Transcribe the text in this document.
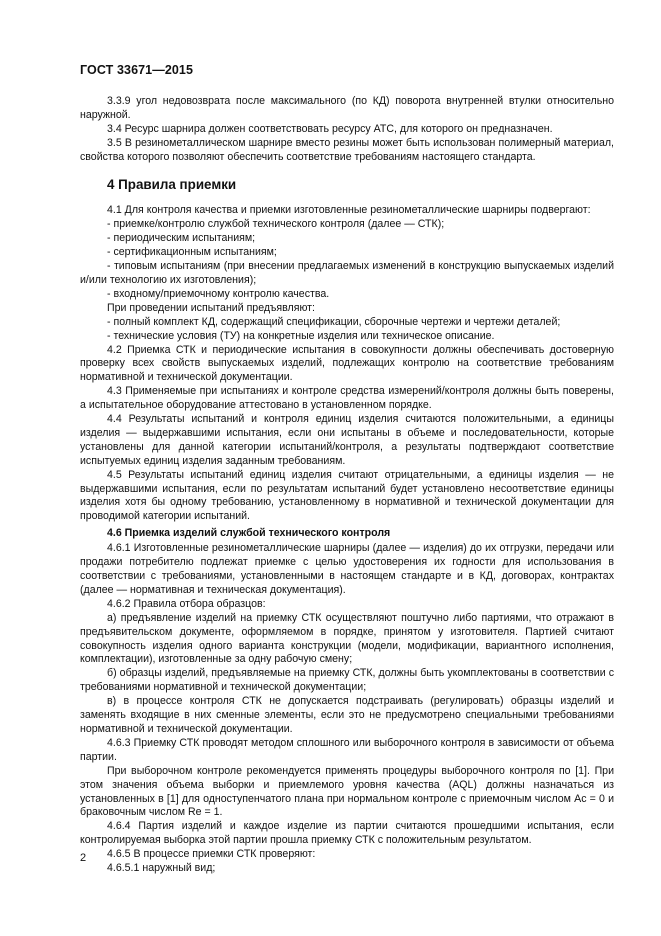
ГОСТ 33671—2015

3.3.9 угол недовозврата после максимального (по КД) поворота внутренней втулки относительно наружной.

3.4 Ресурс шарнира должен соответствовать ресурсу АТС, для которого он предназначен.

3.5 В резинометаллическом шарнире вместо резины может быть использован полимерный материал, свойства которого позволяют обеспечить соответствие требованиям настоящего стандарта.

4 Правила приемки

4.1 Для контроля качества и приемки изготовленные резинометаллические шарниры подвергают:

- приемке/контролю службой технического контроля (далее — СТК);

- периодическим испытаниям;

- сертификационным испытаниям;

- типовым испытаниям (при внесении предлагаемых изменений в конструкцию выпускаемых изделий и/или технологию их изготовления);

- входному/приемочному контролю качества.

При проведении испытаний предъявляют:

- полный комплект КД, содержащий спецификации, сборочные чертежи и чертежи деталей;

- технические условия (ТУ) на конкретные изделия или техническое описание.

4.2 Приемка СТК и периодические испытания в совокупности должны обеспечивать достоверную проверку всех свойств выпускаемых изделий, подлежащих контролю на соответствие требованиям нормативной и технической документации.

4.3 Применяемые при испытаниях и контроле средства измерений/контроля должны быть поверены, а испытательное оборудование аттестовано в установленном порядке.

4.4 Результаты испытаний и контроля единиц изделия считаются положительными, а единицы изделия — выдержавшими испытания, если они испытаны в объеме и последовательности, которые установлены для данной категории испытаний/контроля, а результаты подтверждают соответствие испытуемых единиц изделия заданным требованиям.

4.5 Результаты испытаний единиц изделия считают отрицательными, а единицы изделия — не выдержавшими испытания, если по результатам испытаний будет установлено несоответствие единицы изделия хотя бы одному требованию, установленному в нормативной и технической документации для проводимой категории испытаний.

4.6 Приемка изделий службой технического контроля

4.6.1 Изготовленные резинометаллические шарниры (далее — изделия) до их отгрузки, передачи или продажи потребителю подлежат приемке с целью удостоверения их годности для использования в соответствии с требованиями, установленными в настоящем стандарте и в КД, договорах, контрактах (далее — нормативная и техническая документация).

4.6.2 Правила отбора образцов:

а) предъявление изделий на приемку СТК осуществляют поштучно либо партиями, что отражают в предъявительском документе, оформляемом в порядке, принятом у изготовителя. Партией считают совокупность изделия одного варианта конструкции (модели, модификации, вариантного исполнения, комплектации), изготовленные за одну рабочую смену;

б) образцы изделий, предъявляемые на приемку СТК, должны быть укомплектованы в соответствии с требованиями нормативной и технической документации;

в) в процессе контроля СТК не допускается подстраивать (регулировать) образцы изделий и заменять входящие в них сменные элементы, если это не предусмотрено специальными требованиями нормативной и технической документации.

4.6.3 Приемку СТК проводят методом сплошного или выборочного контроля в зависимости от объема партии.

При выборочном контроле рекомендуется применять процедуры выборочного контроля по [1]. При этом значения объема выборки и приемлемого уровня качества (AQL) должны назначаться из установленных в [1] для одноступенчатого плана при нормальном контроле с приемочным числом Ac = 0 и браковочным числом Re = 1.

4.6.4 Партия изделий и каждое изделие из партии считаются прошедшими испытания, если контролируемая выборка этой партии прошла приемку СТК с положительным результатом.

4.6.5 В процессе приемки СТК проверяют:

4.6.5.1 наружный вид;

2
